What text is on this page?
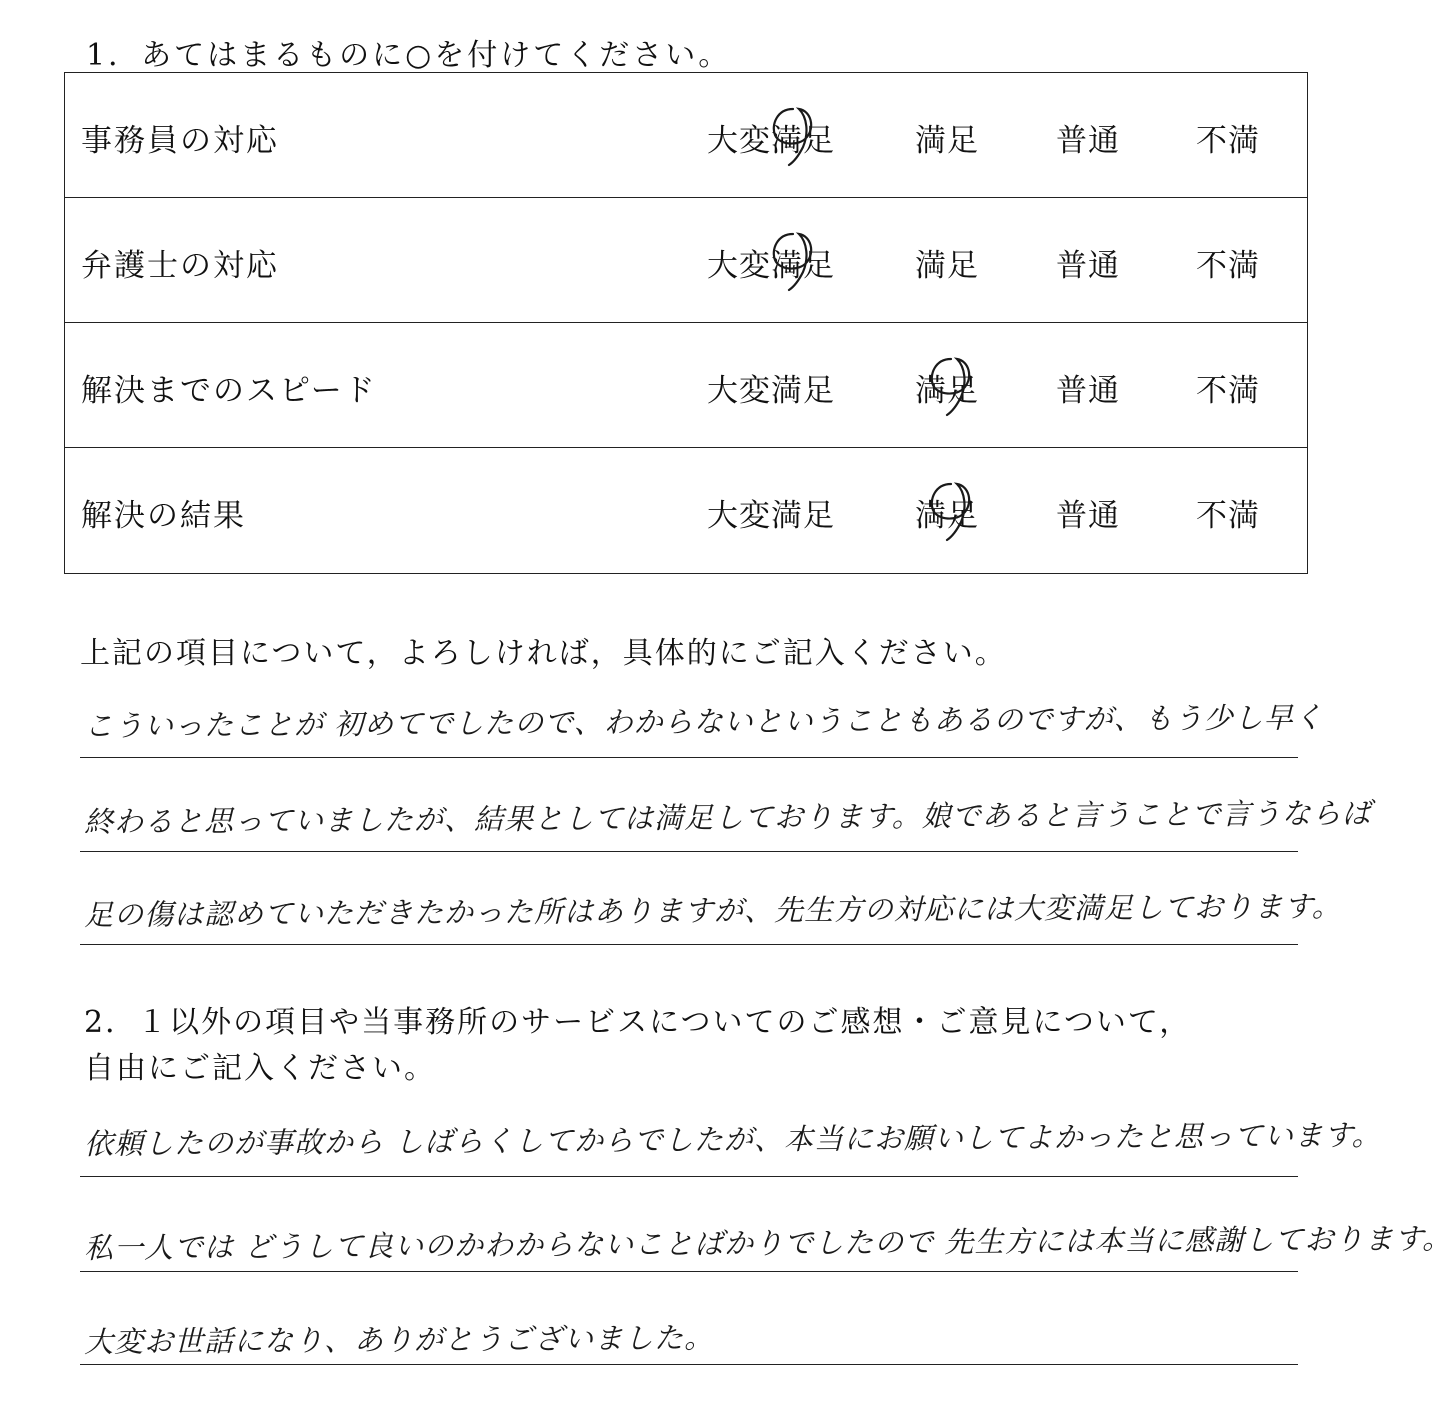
1．あてはまるものに○を付けてください。
事務員の対応	大変満足	満足 普通 不満
弁護士の対応	大変満足	満足 普通 不満
解決までのスピード	大変満足	満足 普通 不満
解決の結果	大変満足	満足 普通 不満
上記の項目について，よろしければ，具体的にご記入ください。
こういったことが 初めてでしたので、わからないということもあるのですが、もう少し早く
終わると思っていましたが、結果としては満足しております。娘であると言うことで言うならば
足の傷は認めていただきたかった所はありますが、先生方の対応には大変満足しております。
2．１以外の項目や当事務所のサービスについてのご感想・ご意見について，
自由にご記入ください。
依頼したのが事故から しばらくしてからでしたが、本当にお願いしてよかったと思っています。
私一人では どうして良いのかわからないことばかりでしたので 先生方には本当に感謝しております。
大変お世話になり、ありがとうございました。
